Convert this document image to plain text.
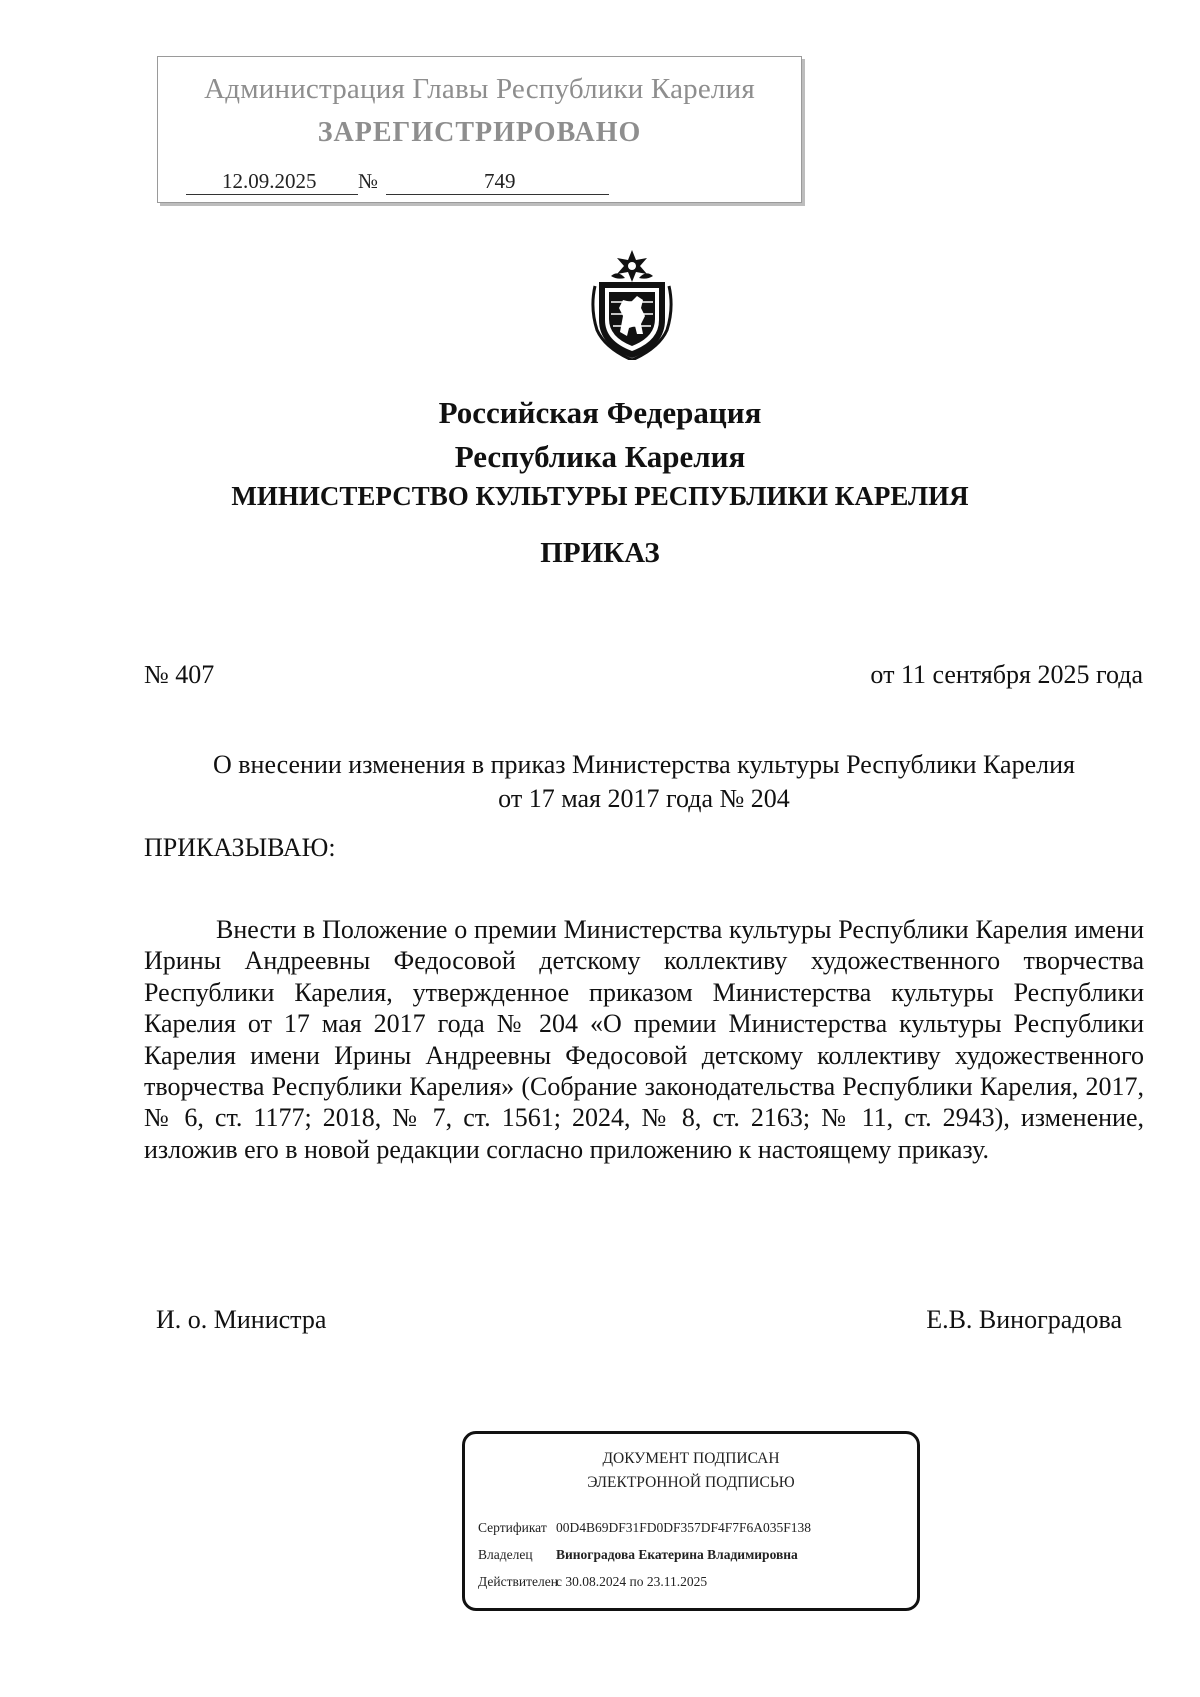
Администрация Главы Республики Карелия
ЗАРЕГИСТРИРОВАНО
12.09.2025	№	749
Российская Федерация
Республика Карелия
МИНИСТЕРСТВО КУЛЬТУРЫ РЕСПУБЛИКИ КАРЕЛИЯ
ПРИКАЗ
№ 407	от 11 сентября 2025 года
О внесении изменения в приказ Министерства культуры Республики Карелия
от 17 мая 2017 года № 204
ПРИКАЗЫВАЮ:

Внести в Положение о премии Министерства культуры Республики Карелия имени Ирины Андреевны Федосовой детскому коллективу художественного творчества Республики Карелия, утвержденное приказом Министерства культуры Республики Карелия от 17 мая 2017 года № 204 «О премии Министерства культуры Республики Карелия имени Ирины Андреевны Федосовой детскому коллективу художественного творчества Республики Карелия» (Собрание законодательства Республики Карелия, 2017, № 6, ст. 1177; 2018, № 7, ст. 1561; 2024, № 8, ст. 2163; № 11, ст. 2943), изменение, изложив его в новой редакции согласно приложению к настоящему приказу.

И. о. Министра	Е.В. Виноградова
ДОКУМЕНТ ПОДПИСАН
ЭЛЕКТРОННОЙ ПОДПИСЬЮ
Сертификат 00D4B69DF31FD0DF357DF4F7F6A035F138
Владелец Виноградова Екатерина Владимировна
Действителенс 30.08.2024 по 23.11.2025
